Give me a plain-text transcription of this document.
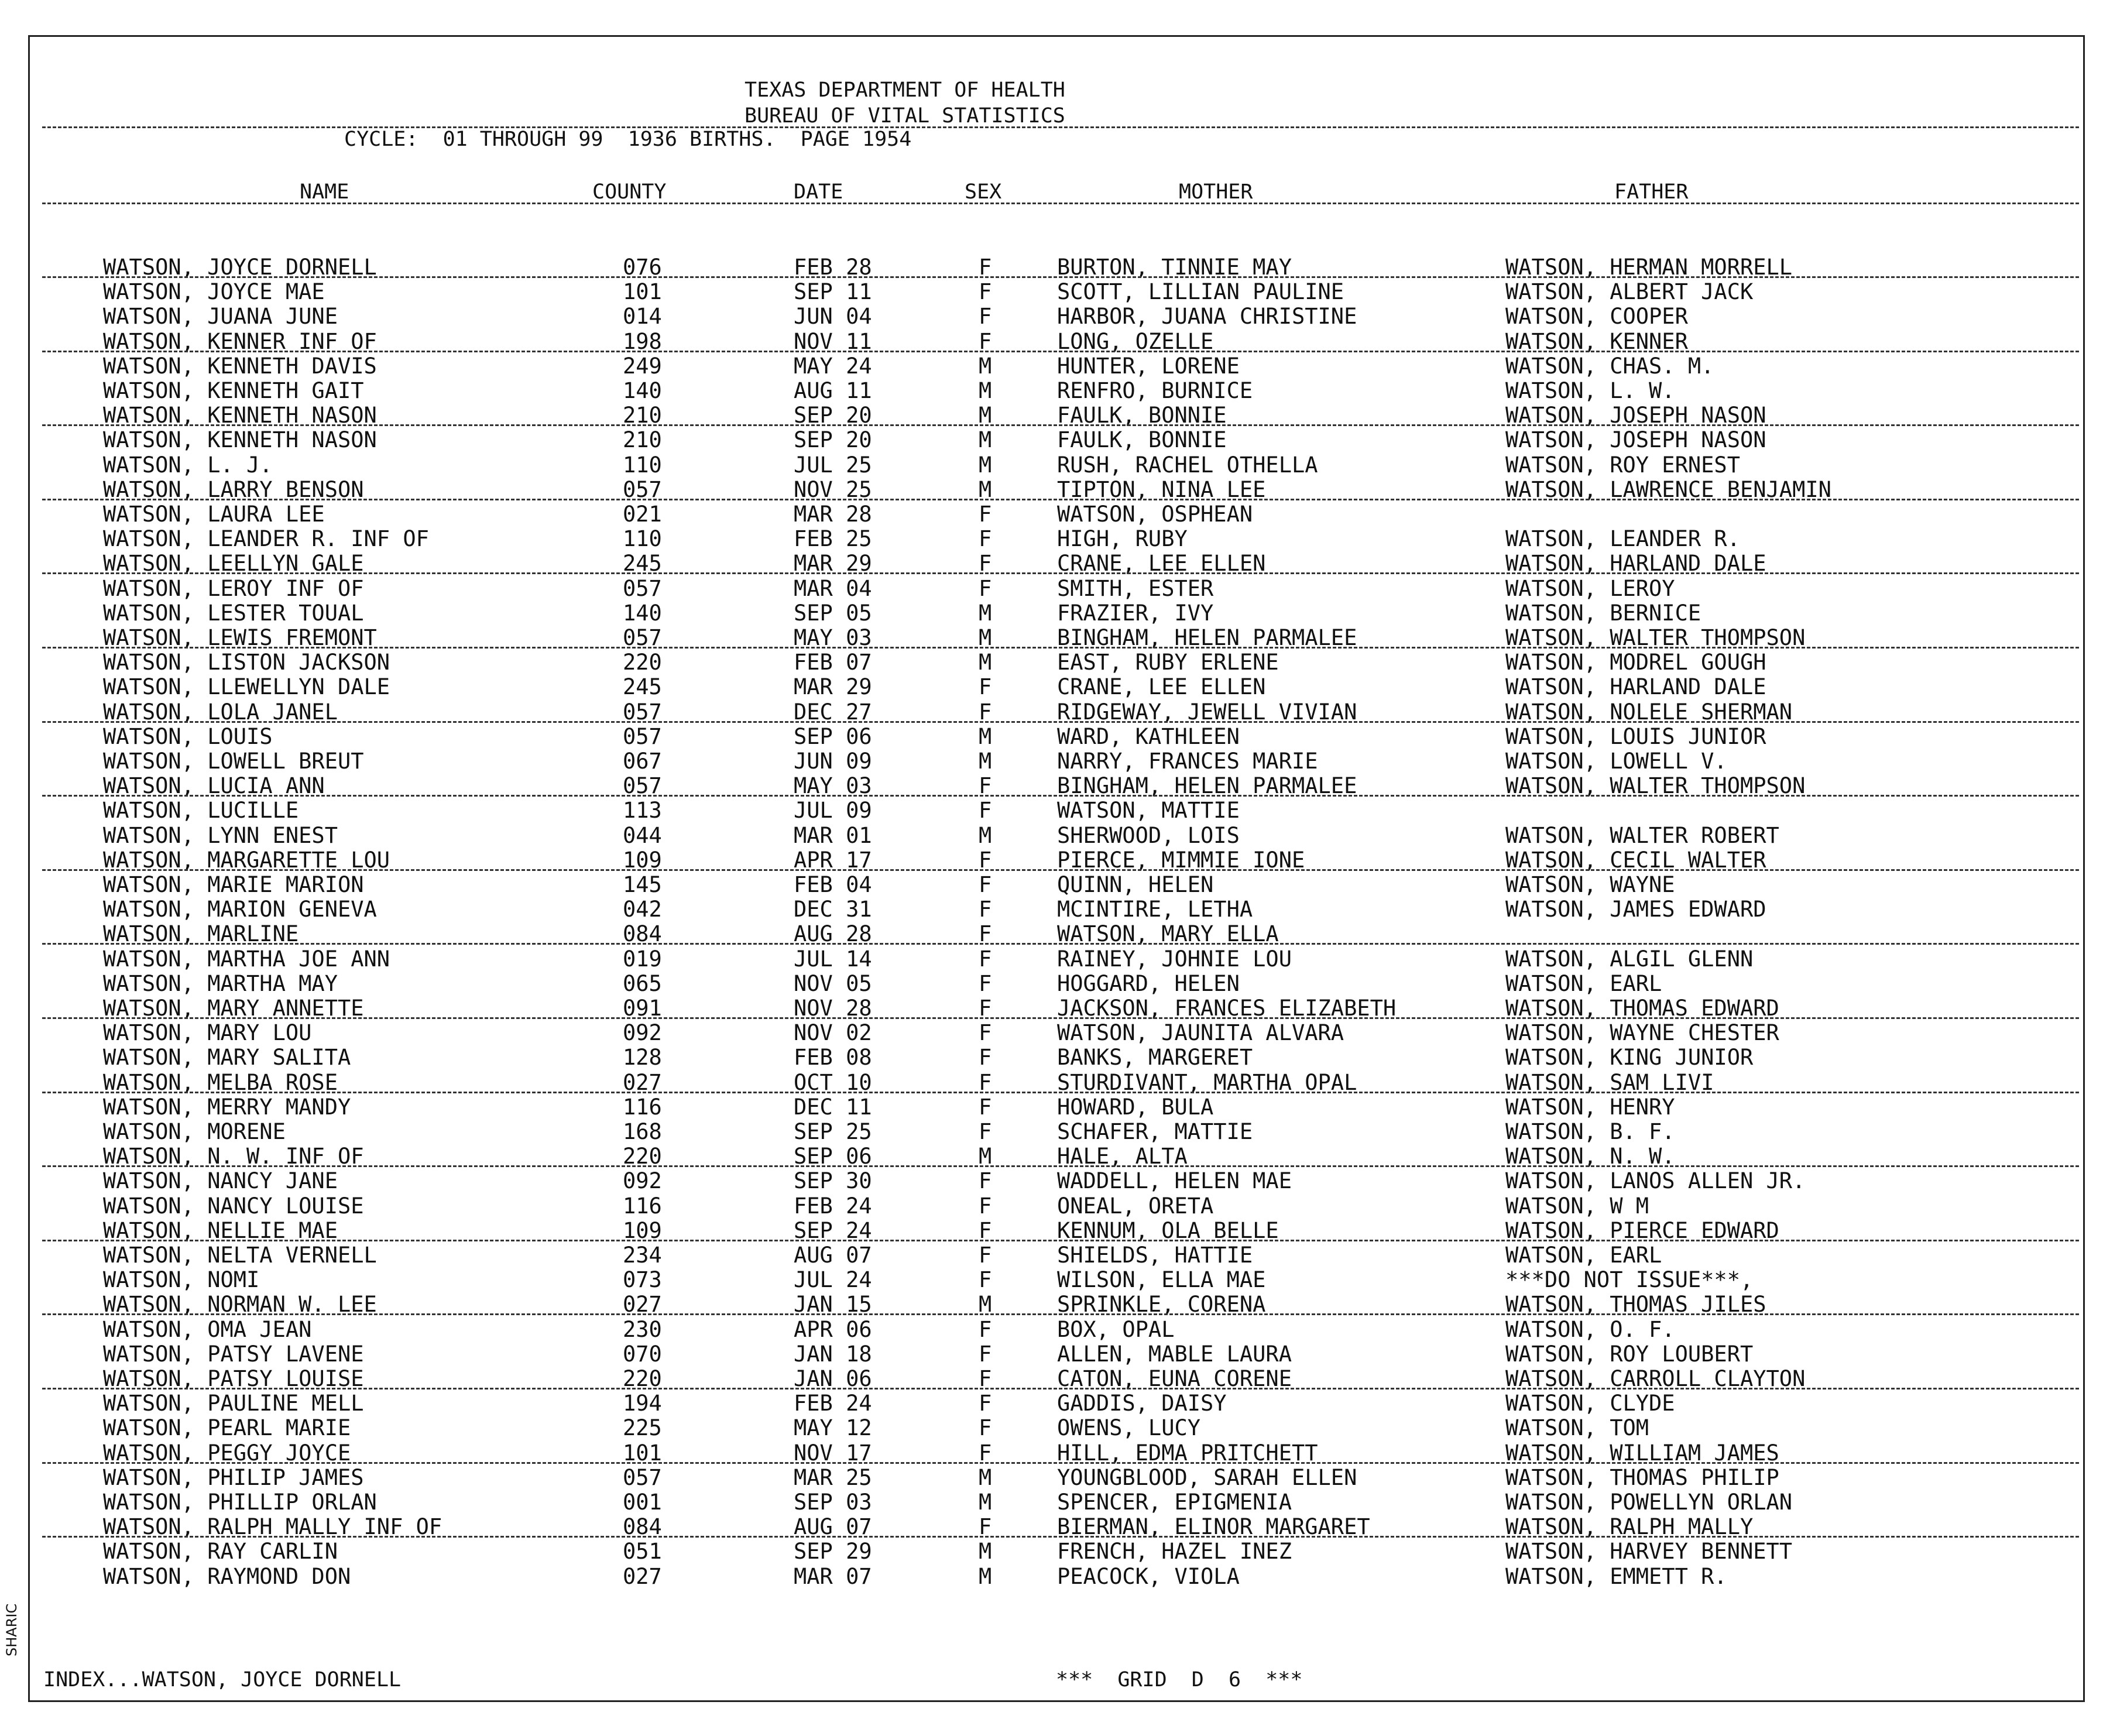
TEXAS DEPARTMENT OF HEALTH
BUREAU OF VITAL STATISTICS
CYCLE:  01 THROUGH 99  1936 BIRTHS.  PAGE 1954
NAME	COUNTY	DATE	SEX	MOTHER	FATHER
WATSON, JOYCE DORNELL	076	FEB 28	F	BURTON, TINNIE MAY	WATSON, HERMAN MORRELL
WATSON, JOYCE MAE	101	SEP 11	F	SCOTT, LILLIAN PAULINE	WATSON, ALBERT JACK
WATSON, JUANA JUNE	014	JUN 04	F	HARBOR, JUANA CHRISTINE	WATSON, COOPER
WATSON, KENNER INF OF	198	NOV 11	F	LONG, OZELLE	WATSON, KENNER
WATSON, KENNETH DAVIS	249	MAY 24	M	HUNTER, LORENE	WATSON, CHAS. M.
WATSON, KENNETH GAIT	140	AUG 11	M	RENFRO, BURNICE	WATSON, L. W.
WATSON, KENNETH NASON	210	SEP 20	M	FAULK, BONNIE	WATSON, JOSEPH NASON
WATSON, KENNETH NASON	210	SEP 20	M	FAULK, BONNIE	WATSON, JOSEPH NASON
WATSON, L. J.	110	JUL 25	M	RUSH, RACHEL OTHELLA	WATSON, ROY ERNEST
WATSON, LARRY BENSON	057	NOV 25	M	TIPTON, NINA LEE	WATSON, LAWRENCE BENJAMIN
WATSON, LAURA LEE	021	MAR 28	F	WATSON, OSPHEAN
WATSON, LEANDER R. INF OF	110	FEB 25	F	HIGH, RUBY	WATSON, LEANDER R.
WATSON, LEELLYN GALE	245	MAR 29	F	CRANE, LEE ELLEN	WATSON, HARLAND DALE
WATSON, LEROY INF OF	057	MAR 04	F	SMITH, ESTER	WATSON, LEROY
WATSON, LESTER TOUAL	140	SEP 05	M	FRAZIER, IVY	WATSON, BERNICE
WATSON, LEWIS FREMONT	057	MAY 03	M	BINGHAM, HELEN PARMALEE	WATSON, WALTER THOMPSON
WATSON, LISTON JACKSON	220	FEB 07	M	EAST, RUBY ERLENE	WATSON, MODREL GOUGH
WATSON, LLEWELLYN DALE	245	MAR 29	F	CRANE, LEE ELLEN	WATSON, HARLAND DALE
WATSON, LOLA JANEL	057	DEC 27	F	RIDGEWAY, JEWELL VIVIAN	WATSON, NOLELE SHERMAN
WATSON, LOUIS	057	SEP 06	M	WARD, KATHLEEN	WATSON, LOUIS JUNIOR
WATSON, LOWELL BREUT	067	JUN 09	M	NARRY, FRANCES MARIE	WATSON, LOWELL V.
WATSON, LUCIA ANN	057	MAY 03	F	BINGHAM, HELEN PARMALEE	WATSON, WALTER THOMPSON
WATSON, LUCILLE	113	JUL 09	F	WATSON, MATTIE
WATSON, LYNN ENEST	044	MAR 01	M	SHERWOOD, LOIS	WATSON, WALTER ROBERT
WATSON, MARGARETTE LOU	109	APR 17	F	PIERCE, MIMMIE IONE	WATSON, CECIL WALTER
WATSON, MARIE MARION	145	FEB 04	F	QUINN, HELEN	WATSON, WAYNE
WATSON, MARION GENEVA	042	DEC 31	F	MCINTIRE, LETHA	WATSON, JAMES EDWARD
WATSON, MARLINE	084	AUG 28	F	WATSON, MARY ELLA
WATSON, MARTHA JOE ANN	019	JUL 14	F	RAINEY, JOHNIE LOU	WATSON, ALGIL GLENN
WATSON, MARTHA MAY	065	NOV 05	F	HOGGARD, HELEN	WATSON, EARL
WATSON, MARY ANNETTE	091	NOV 28	F	JACKSON, FRANCES ELIZABETH	WATSON, THOMAS EDWARD
WATSON, MARY LOU	092	NOV 02	F	WATSON, JAUNITA ALVARA	WATSON, WAYNE CHESTER
WATSON, MARY SALITA	128	FEB 08	F	BANKS, MARGERET	WATSON, KING JUNIOR
WATSON, MELBA ROSE	027	OCT 10	F	STURDIVANT, MARTHA OPAL	WATSON, SAM LIVI
WATSON, MERRY MANDY	116	DEC 11	F	HOWARD, BULA	WATSON, HENRY
WATSON, MORENE	168	SEP 25	F	SCHAFER, MATTIE	WATSON, B. F.
WATSON, N. W. INF OF	220	SEP 06	M	HALE, ALTA	WATSON, N. W.
WATSON, NANCY JANE	092	SEP 30	F	WADDELL, HELEN MAE	WATSON, LANOS ALLEN JR.
WATSON, NANCY LOUISE	116	FEB 24	F	ONEAL, ORETA	WATSON, W M
WATSON, NELLIE MAE	109	SEP 24	F	KENNUM, OLA BELLE	WATSON, PIERCE EDWARD
WATSON, NELTA VERNELL	234	AUG 07	F	SHIELDS, HATTIE	WATSON, EARL
WATSON, NOMI	073	JUL 24	F	WILSON, ELLA MAE	***DO NOT ISSUE***,
WATSON, NORMAN W. LEE	027	JAN 15	M	SPRINKLE, CORENA	WATSON, THOMAS JILES
WATSON, OMA JEAN	230	APR 06	F	BOX, OPAL	WATSON, O. F.
WATSON, PATSY LAVENE	070	JAN 18	F	ALLEN, MABLE LAURA	WATSON, ROY LOUBERT
WATSON, PATSY LOUISE	220	JAN 06	F	CATON, EUNA CORENE	WATSON, CARROLL CLAYTON
WATSON, PAULINE MELL	194	FEB 24	F	GADDIS, DAISY	WATSON, CLYDE
WATSON, PEARL MARIE	225	MAY 12	F	OWENS, LUCY	WATSON, TOM
WATSON, PEGGY JOYCE	101	NOV 17	F	HILL, EDMA PRITCHETT	WATSON, WILLIAM JAMES
WATSON, PHILIP JAMES	057	MAR 25	M	YOUNGBLOOD, SARAH ELLEN	WATSON, THOMAS PHILIP
WATSON, PHILLIP ORLAN	001	SEP 03	M	SPENCER, EPIGMENIA	WATSON, POWELLYN ORLAN
WATSON, RALPH MALLY INF OF	084	AUG 07	F	BIERMAN, ELINOR MARGARET	WATSON, RALPH MALLY
WATSON, RAY CARLIN	051	SEP 29	M	FRENCH, HAZEL INEZ	WATSON, HARVEY BENNETT
WATSON, RAYMOND DON	027	MAR 07	M	PEACOCK, VIOLA	WATSON, EMMETT R.
INDEX...WATSON, JOYCE DORNELL	***  GRID  D  6  ***
SHARIC
